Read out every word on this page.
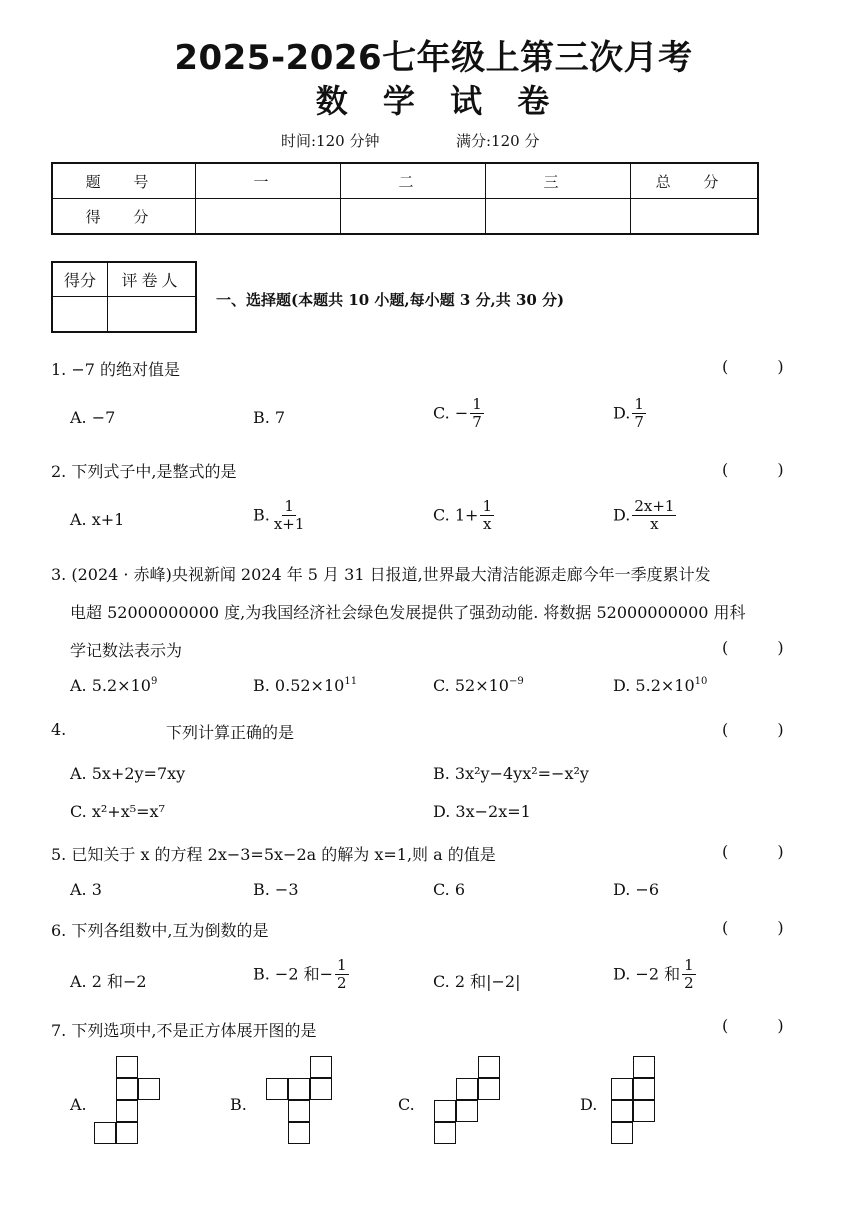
2025-2026七年级上第三次月考
数 学 试 卷
时间:120 分钟	满分:120 分
题 号	一	二	三	总 分
得 分				
得分	评卷人

一、选择题(本题共 10 小题,每小题 3 分,共 30 分)
1. −7 的绝对值是	( )
A. −7	B. 7	C. − $\frac{1}{7}$	D. $\frac{1}{7}$
2. 下列式子中,是整式的是	( )
A. x+1	B. $\frac{1}{x+1}$	C. $1+ \frac{1}{x}$	D. $\frac{2x+1}{x}$
3. (2024 · 赤峰)央视新闻 2024 年 5 月 31 日报道,世界最大清洁能源走廊今年一季度累计发
电超 52000000000 度,为我国经济社会绿色发展提供了强劲动能. 将数据 52000000000 用科
学记数法表示为	( )
A. $5.2\times 10^9$	B. $0.52\times 10^{11}$	C. $52\times 10^{-9}$	D. $5.2\times 10^{10}$
4.	下列计算正确的是	( )
A. 5x+2y=7xy	B. 3x²y−4yx²=−x²y
C. x²+x⁵=x⁷	D. 3x−2x=1
5. 已知关于 x 的方程 2x−3=5x−2a 的解为 x=1,则 a 的值是	( )
A. 3	B. −3	C. 6	D. −6
6. 下列各组数中,互为倒数的是	( )
A. 2 和−2	B. −2 和− $\frac{1}{2}$	C. 2 和|−2|	D. −2 和 $\frac{1}{2}$
7. 下列选项中,不是正方体展开图的是	( )
A.	B.	C.	D.
